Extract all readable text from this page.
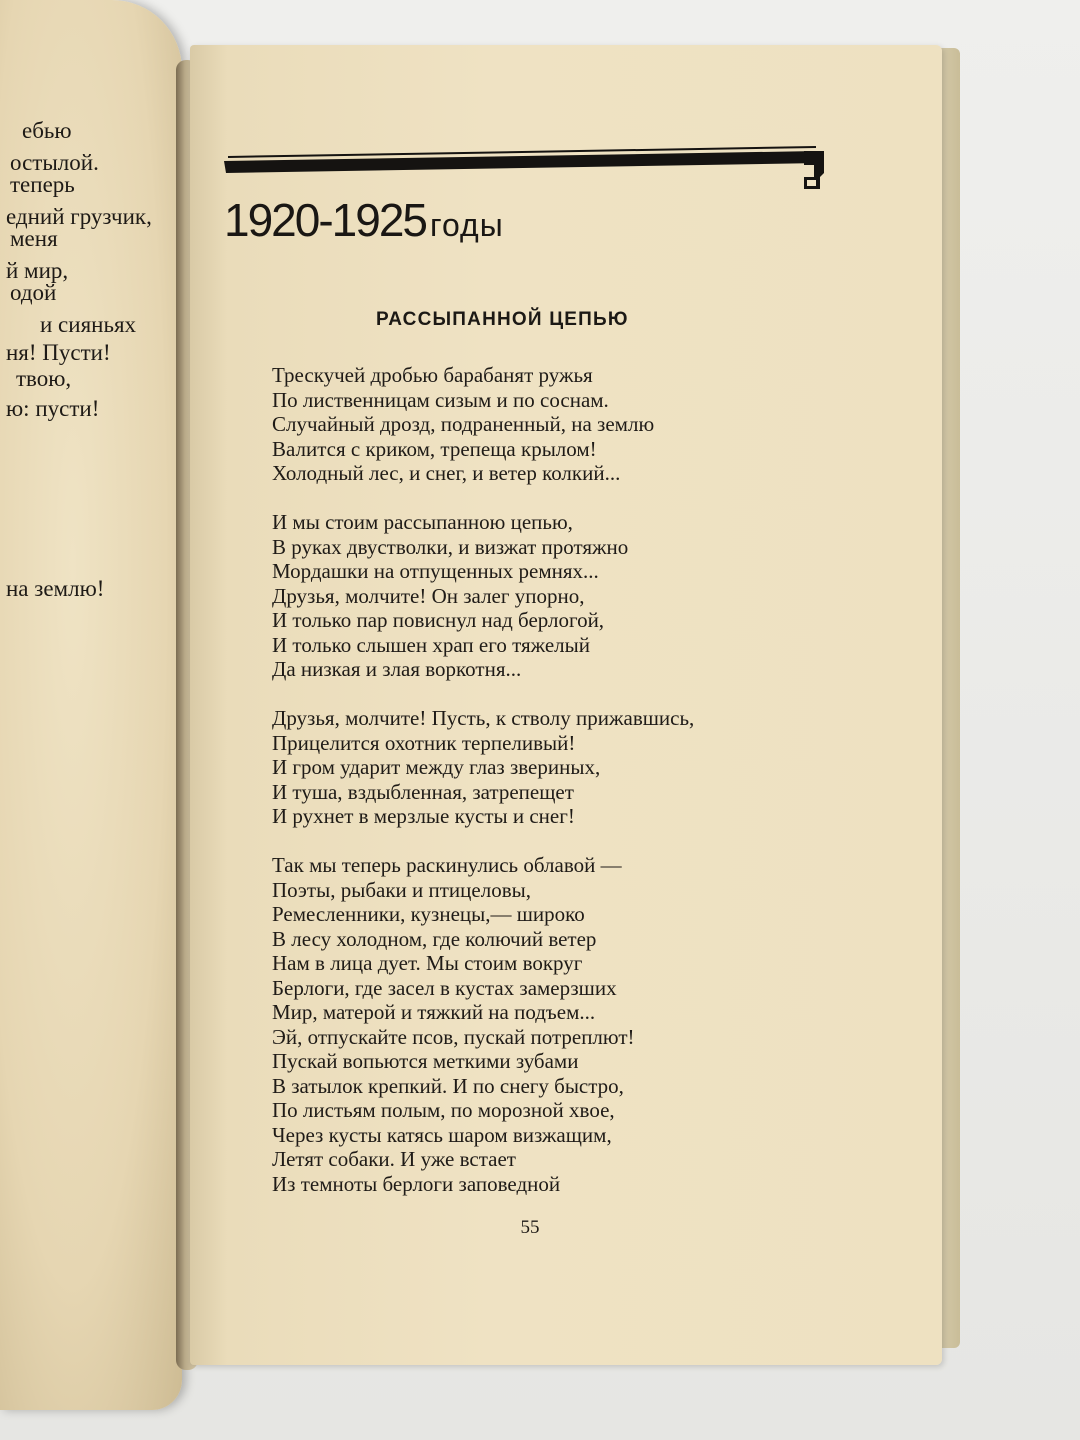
ебью
остылой.
теперь
едний грузчик,
меня
й мир,
одой
и сияньях
ня! Пусти!
твою,
ю: пусти!
на землю!
1920-1925 годы
РАССЫПАННОЙ ЦЕПЬЮ
Трескучей дробью барабанят ружья
По лиственницам сизым и по соснам.
Случайный дрозд, подраненный, на землю
Валится с криком, трепеща крылом!
Холодный лес, и снег, и ветер колкий...
И мы стоим рассыпанною цепью,
В руках двустволки, и визжат протяжно
Мордашки на отпущенных ремнях...
Друзья, молчите! Он залег упорно,
И только пар повиснул над берлогой,
И только слышен храп его тяжелый
Да низкая и злая воркотня...
Друзья, молчите! Пусть, к стволу прижавшись,
Прицелится охотник терпеливый!
И гром ударит между глаз звериных,
И туша, вздыбленная, затрепещет
И рухнет в мерзлые кусты и снег!
Так мы теперь раскинулись облавой —
Поэты, рыбаки и птицеловы,
Ремесленники, кузнецы,— широко
В лесу холодном, где колючий ветер
Нам в лица дует. Мы стоим вокруг
Берлоги, где засел в кустах замерзших
Мир, матерой и тяжкий на подъем...
Эй, отпускайте псов, пускай потреплют!
Пускай вопьются меткими зубами
В затылок крепкий. И по снегу быстро,
По листьям полым, по морозной хвое,
Через кусты катясь шаром визжащим,
Летят собаки. И уже встает
Из темноты берлоги заповедной
55
